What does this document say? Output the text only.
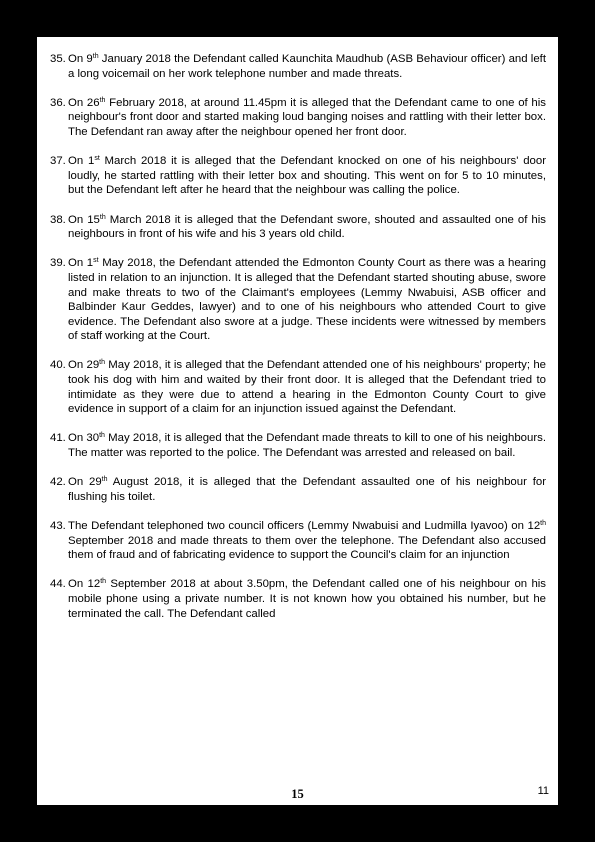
35. On 9th January 2018 the Defendant called Kaunchita Maudhub (ASB Behaviour officer) and left a long voicemail on her work telephone number and made threats.
36. On 26th February 2018, at around 11.45pm it is alleged that the Defendant came to one of his neighbour's front door and started making loud banging noises and rattling with their letter box. The Defendant ran away after the neighbour opened her front door.
37. On 1st March 2018 it is alleged that the Defendant knocked on one of his neighbours' door loudly, he started rattling with their letter box and shouting. This went on for 5 to 10 minutes, but the Defendant left after he heard that the neighbour was calling the police.
38. On 15th March 2018 it is alleged that the Defendant swore, shouted and assaulted one of his neighbours in front of his wife and his 3 years old child.
39. On 1st May 2018, the Defendant attended the Edmonton County Court as there was a hearing listed in relation to an injunction. It is alleged that the Defendant started shouting abuse, swore and make threats to two of the Claimant's employees (Lemmy Nwabuisi, ASB officer and Balbinder Kaur Geddes, lawyer) and to one of his neighbours who attended Court to give evidence. The Defendant also swore at a judge. These incidents were witnessed by members of staff working at the Court.
40. On 29th May 2018, it is alleged that the Defendant attended one of his neighbours' property; he took his dog with him and waited by their front door. It is alleged that the Defendant tried to intimidate as they were due to attend a hearing in the Edmonton County Court to give evidence in support of a claim for an injunction issued against the Defendant.
41. On 30th May 2018, it is alleged that the Defendant made threats to kill to one of his neighbours. The matter was reported to the police. The Defendant was arrested and released on bail.
42. On 29th August 2018, it is alleged that the Defendant assaulted one of his neighbour for flushing his toilet.
43. The Defendant telephoned two council officers (Lemmy Nwabuisi and Ludmilla Iyavoo) on 12th September 2018 and made threats to them over the telephone. The Defendant also accused them of fraud and of fabricating evidence to support the Council's claim for an injunction
44. On 12th September 2018 at about 3.50pm, the Defendant called one of his neighbour on his mobile phone using a private number. It is not known how you obtained his number, but he terminated the call. The Defendant called
15	11
